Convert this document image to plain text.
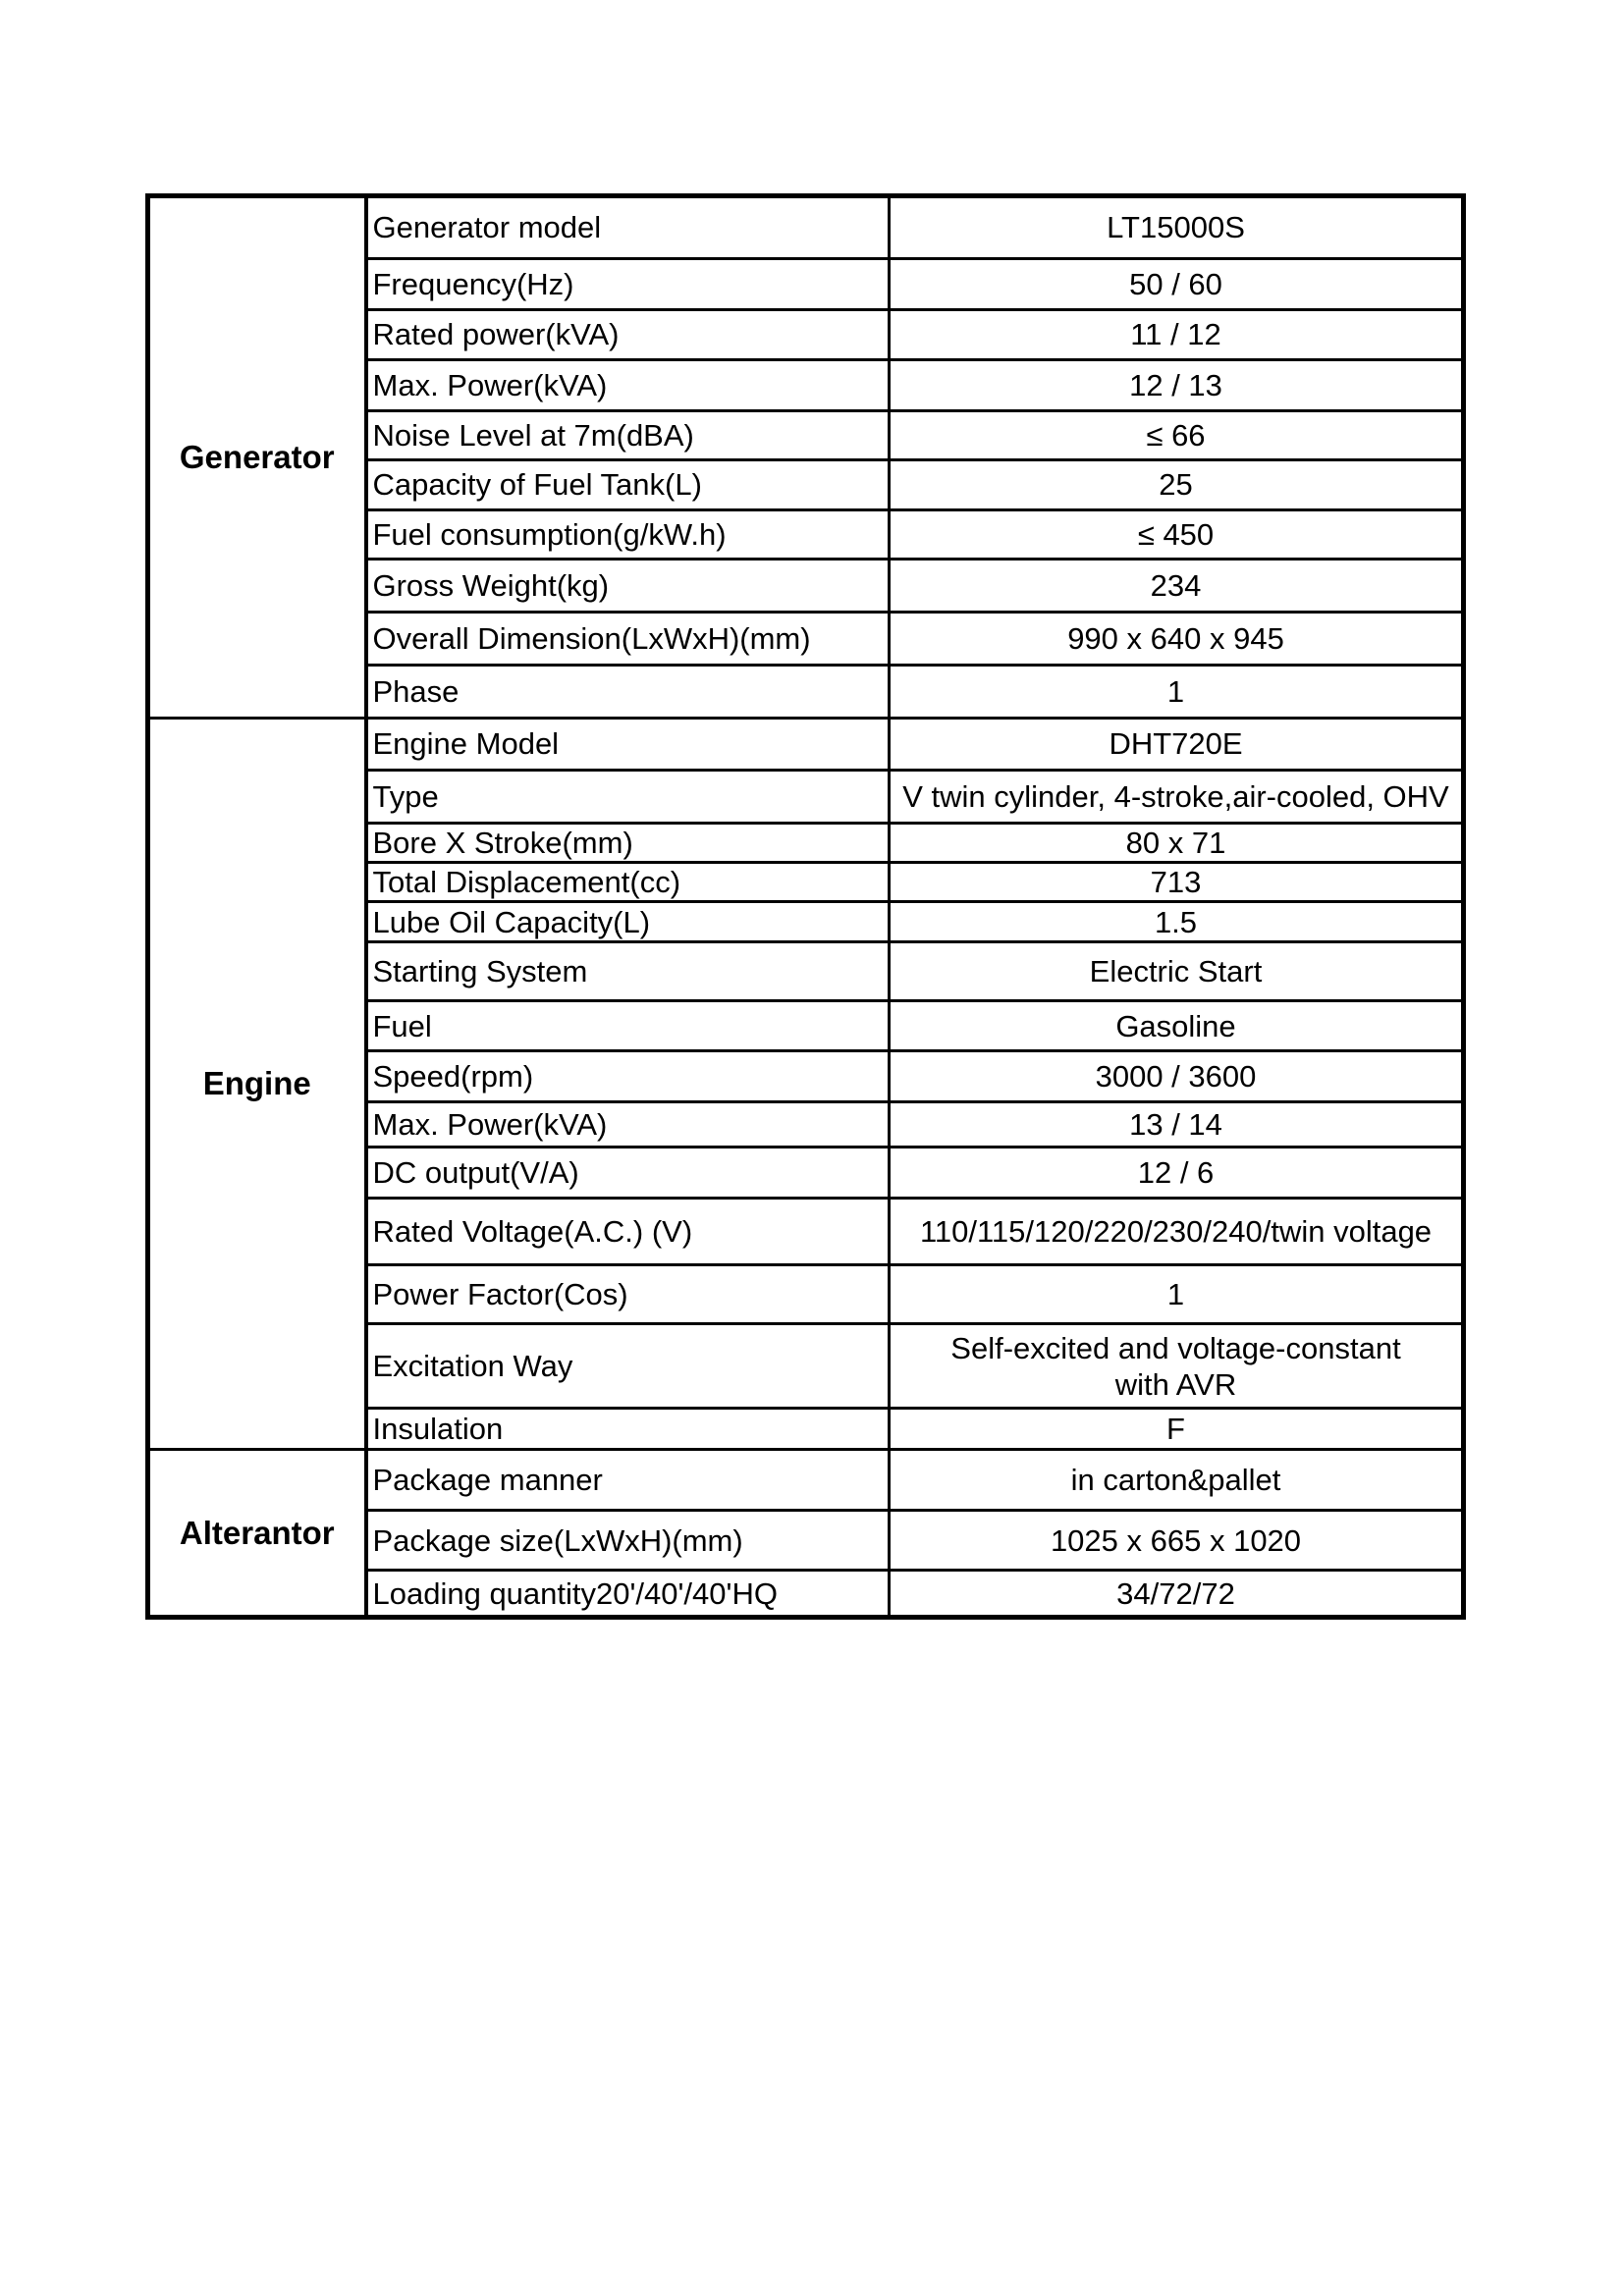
Generator	Generator model	LT15000S
	Frequency(Hz)	50 / 60
	Rated power(kVA)	11 / 12
	Max. Power(kVA)	12 / 13
	Noise Level at 7m(dBA)	≤ 66
	Capacity of Fuel Tank(L)	25
	Fuel consumption(g/kW.h)	≤ 450
	Gross Weight(kg)	234
	Overall Dimension(LxWxH)(mm)	990 x 640 x 945
	Phase	1
Engine	Engine Model	DHT720E
	Type	V twin cylinder, 4-stroke,air-cooled, OHV
	Bore X Stroke(mm)	80 x 71
	Total Displacement(cc)	713
	Lube Oil Capacity(L)	1.5
	Starting System	Electric Start
	Fuel	Gasoline
	Speed(rpm)	3000 / 3600
	Max. Power(kVA)	13 / 14
	DC output(V/A)	12 / 6
	Rated Voltage(A.C.) (V)	110/115/120/220/230/240/twin voltage
	Power Factor(Cos)	1
	Excitation Way	Self-excited and voltage-constant with AVR
	Insulation	F
Alterantor	Package manner	in carton&pallet
	Package size(LxWxH)(mm)	1025 x 665 x 1020
	Loading quantity20'/40'/40'HQ	34/72/72
